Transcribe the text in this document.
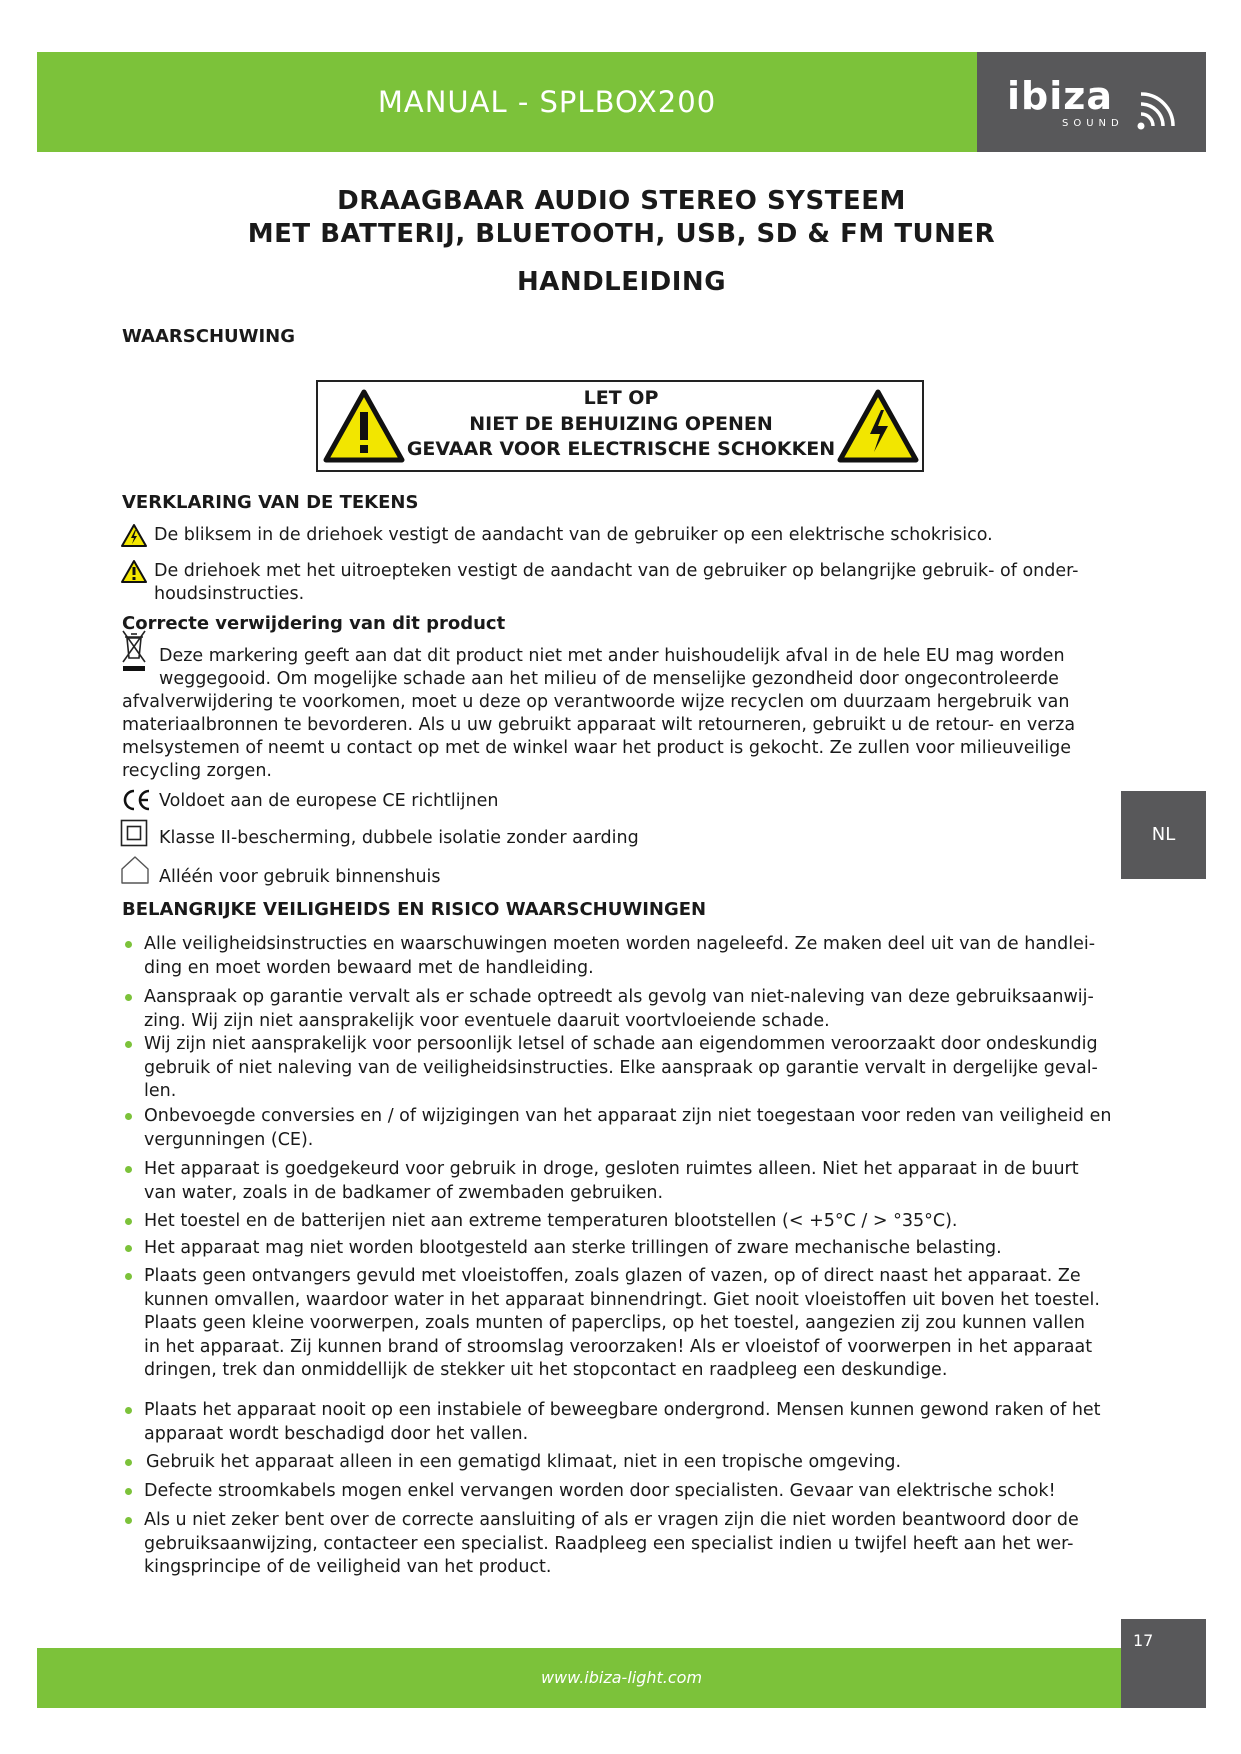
MANUAL - SPLBOX200	ibiza
SOUND
DRAAGBAAR AUDIO STEREO SYSTEEM
MET BATTERIJ, BLUETOOTH, USB, SD & FM TUNER
HANDLEIDING
WAARSCHUWING
LET OP
NIET DE BEHUIZING OPENEN
GEVAAR VOOR ELECTRISCHE SCHOKKEN
VERKLARING VAN DE TEKENS
De bliksem in de driehoek vestigt de aandacht van de gebruiker op een elektrische schokrisico.
De driehoek met het uitroepteken vestigt de aandacht van de gebruiker op belangrijke gebruik- of onder-
houdsinstructies.
Correcte verwijdering van dit product
Deze markering geeft aan dat dit product niet met ander huishoudelijk afval in de hele EU mag worden
weggegooid. Om mogelijke schade aan het milieu of de menselijke gezondheid door ongecontroleerde
afvalverwijdering te voorkomen, moet u deze op verantwoorde wijze recyclen om duurzaam hergebruik van
materiaalbronnen te bevorderen. Als u uw gebruikt apparaat wilt retourneren, gebruikt u de retour- en verza
melsystemen of neemt u contact op met de winkel waar het product is gekocht. Ze zullen voor milieuveilige
recycling zorgen.
Voldoet aan de europese CE richtlijnen
Klasse II-bescherming, dubbele isolatie zonder aarding
Alléén voor gebruik binnenshuis
NL
BELANGRIJKE VEILIGHEIDS EN RISICO WAARSCHUWINGEN
Alle veiligheidsinstructies en waarschuwingen moeten worden nageleefd. Ze maken deel uit van de handlei-
ding en moet worden bewaard met de handleiding.
Aanspraak op garantie vervalt als er schade optreedt als gevolg van niet-naleving van deze gebruiksaanwij-
zing. Wij zijn niet aansprakelijk voor eventuele daaruit voortvloeiende schade.
Wij zijn niet aansprakelijk voor persoonlijk letsel of schade aan eigendommen veroorzaakt door ondeskundig
gebruik of niet naleving van de veiligheidsinstructies. Elke aanspraak op garantie vervalt in dergelijke geval-
len.
Onbevoegde conversies en / of wijzigingen van het apparaat zijn niet toegestaan voor reden van veiligheid en
vergunningen (CE).
Het apparaat is goedgekeurd voor gebruik in droge, gesloten ruimtes alleen. Niet het apparaat in de buurt
van water, zoals in de badkamer of zwembaden gebruiken.
Het toestel en de batterijen niet aan extreme temperaturen blootstellen (< +5°C / > °35°C).
Het apparaat mag niet worden blootgesteld aan sterke trillingen of zware mechanische belasting.
Plaats geen ontvangers gevuld met vloeistoffen, zoals glazen of vazen, op of direct naast het apparaat. Ze
kunnen omvallen, waardoor water in het apparaat binnendringt. Giet nooit vloeistoffen uit boven het toestel.
Plaats geen kleine voorwerpen, zoals munten of paperclips, op het toestel, aangezien zij zou kunnen vallen
in het apparaat. Zij kunnen brand of stroomslag veroorzaken! Als er vloeistof of voorwerpen in het apparaat
dringen, trek dan onmiddellijk de stekker uit het stopcontact en raadpleeg een deskundige.
Plaats het apparaat nooit op een instabiele of beweegbare ondergrond. Mensen kunnen gewond raken of het
apparaat wordt beschadigd door het vallen.
Gebruik het apparaat alleen in een gematigd klimaat, niet in een tropische omgeving.
Defecte stroomkabels mogen enkel vervangen worden door specialisten. Gevaar van elektrische schok!
Als u niet zeker bent over de correcte aansluiting of als er vragen zijn die niet worden beantwoord door de
gebruiksaanwijzing, contacteer een specialist. Raadpleeg een specialist indien u twijfel heeft aan het wer-
kingsprincipe of de veiligheid van het product.
www.ibiza-light.com
17
